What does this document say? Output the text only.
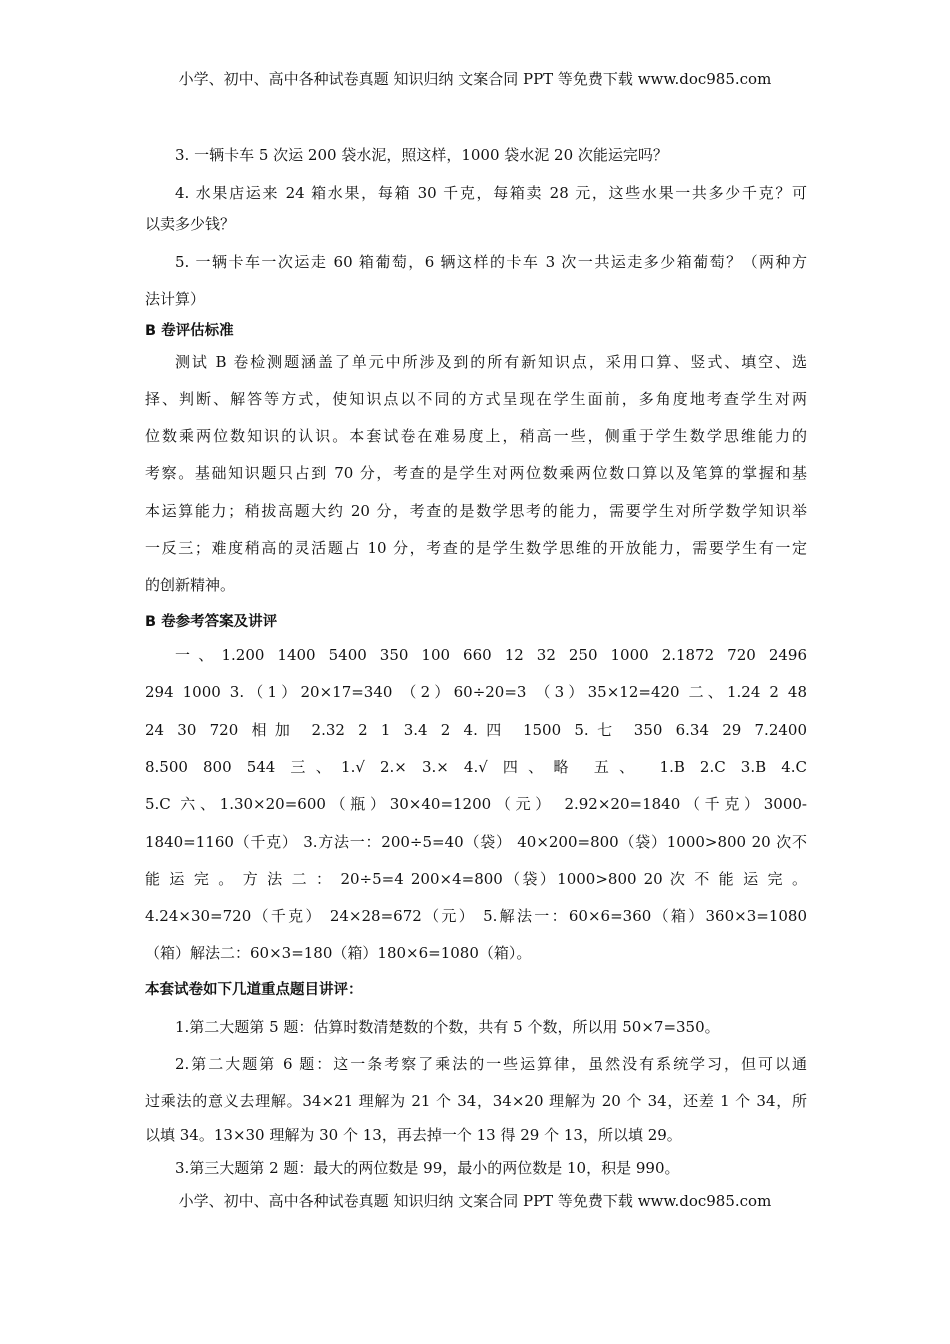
小学、初中、高中各种试卷真题 知识归纳 文案合同 PPT 等免费下载 www.doc985.com
3. 一辆卡车 5 次运 200 袋水泥，照这样，1000 袋水泥 20 次能运完吗？
4. 水果店运来 24 箱水果，每箱 30 千克，每箱卖 28 元，这些水果一共多少千克？可
以卖多少钱？
5. 一辆卡车一次运走 60 箱葡萄，6 辆这样的卡车 3 次一共运走多少箱葡萄？（两种方
法计算）
B 卷评估标准
测试 B 卷检测题涵盖了单元中所涉及到的所有新知识点，采用口算、竖式、填空、选
择、判断、解答等方式，使知识点以不同的方式呈现在学生面前，多角度地考查学生对两
位数乘两位数知识的认识。本套试卷在难易度上，稍高一些，侧重于学生数学思维能力的
考察。基础知识题只占到 70 分，考查的是学生对两位数乘两位数口算以及笔算的掌握和基
本运算能力；稍拔高题大约 20 分，考查的是数学思考的能力，需要学生对所学数学知识举
一反三；难度稍高的灵活题占 10 分，考查的是学生数学思维的开放能力，需要学生有一定
的创新精神。
B 卷参考答案及讲评
一、1.200 1400 5400 350 100 660 12 32 250 1000 2.1872 720 2496
294 1000 3.（1）20×17=340 （2）60÷20=3 （3）35×12=420 二、1.24 2 48
24 30 720 相加 2.32 2 1 3.4 2 4.四 1500 5.七 350 6.34 29 7.2400
8.500 800 544 三、1.√ 2.× 3.× 4.√ 四、略 五、 1.B 2.C 3.B 4.C
5.C 六、1.30×20=600（瓶）30×40=1200（元） 2.92×20=1840（千克）3000-
1840=1160（千克） 3.方法一：200÷5=40（袋） 40×200=800（袋）1000>800 20 次不
能 运 完 。 方 法 二 ： 20÷5=4 200×4=800（袋）1000>800 20 次 不 能 运 完 。
4.24×30=720（千克） 24×28=672（元） 5.解法一：60×6=360（箱）360×3=1080
（箱）解法二：60×3=180（箱）180×6=1080（箱）。
本套试卷如下几道重点题目讲评：
1.第二大题第 5 题：估算时数清楚数的个数，共有 5 个数，所以用 50×7=350。
2.第二大题第 6 题：这一条考察了乘法的一些运算律，虽然没有系统学习，但可以通
过乘法的意义去理解。34×21 理解为 21 个 34，34×20 理解为 20 个 34，还差 1 个 34，所
以填 34。13×30 理解为 30 个 13，再去掉一个 13 得 29 个 13，所以填 29。
3.第三大题第 2 题：最大的两位数是 99，最小的两位数是 10，积是 990。
小学、初中、高中各种试卷真题 知识归纳 文案合同 PPT 等免费下载 www.doc985.com
